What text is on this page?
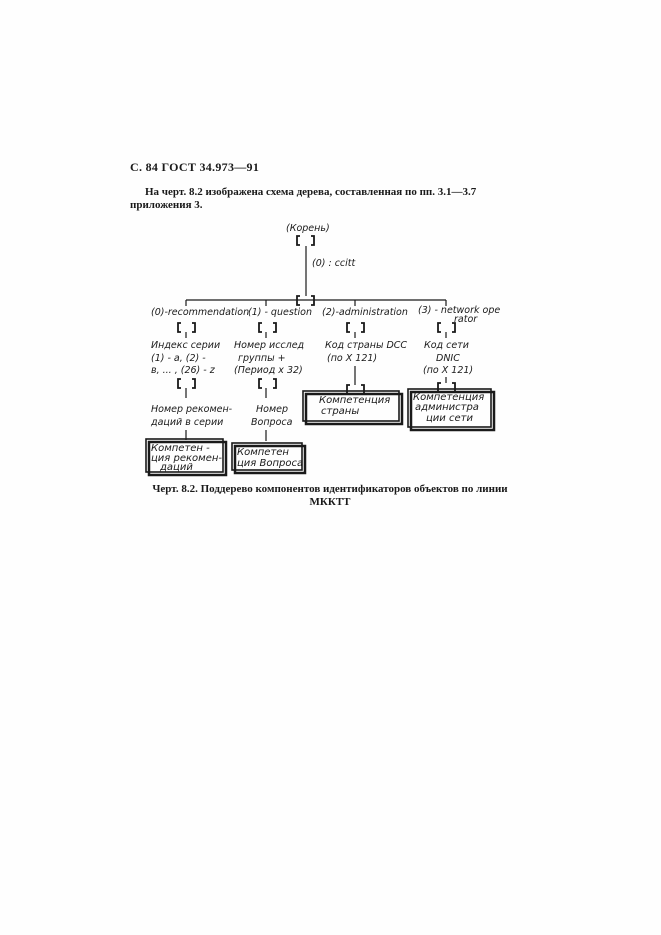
С. 84 ГОСТ 34.973—91
На черт. 8.2 изображена схема дерева, составленная по пп. 3.1—3.7 приложения 3.
(Корень)
(0) : ccitt
(0)-recommendation
(1) - question (2)-administration (3) - network ope
rator
Индекс серии
(1) - a, (2) -
в, ... , (26) - z
Номер рекомен-
даций в серии
Компетен -
ция рекомен-
даций
Номер исслед
группы +
(Период х 32)
Номер
Вопроса
Компетен
ция Вопроса
Код страны DCC
(по Х 121)
Компетенция
страны
Код сети
DNIC
(по Х 121)
Компетенция
администра
ции сети
Черт. 8.2. Поддерево компонентов идентификаторов объектов по линии
МККТТ
